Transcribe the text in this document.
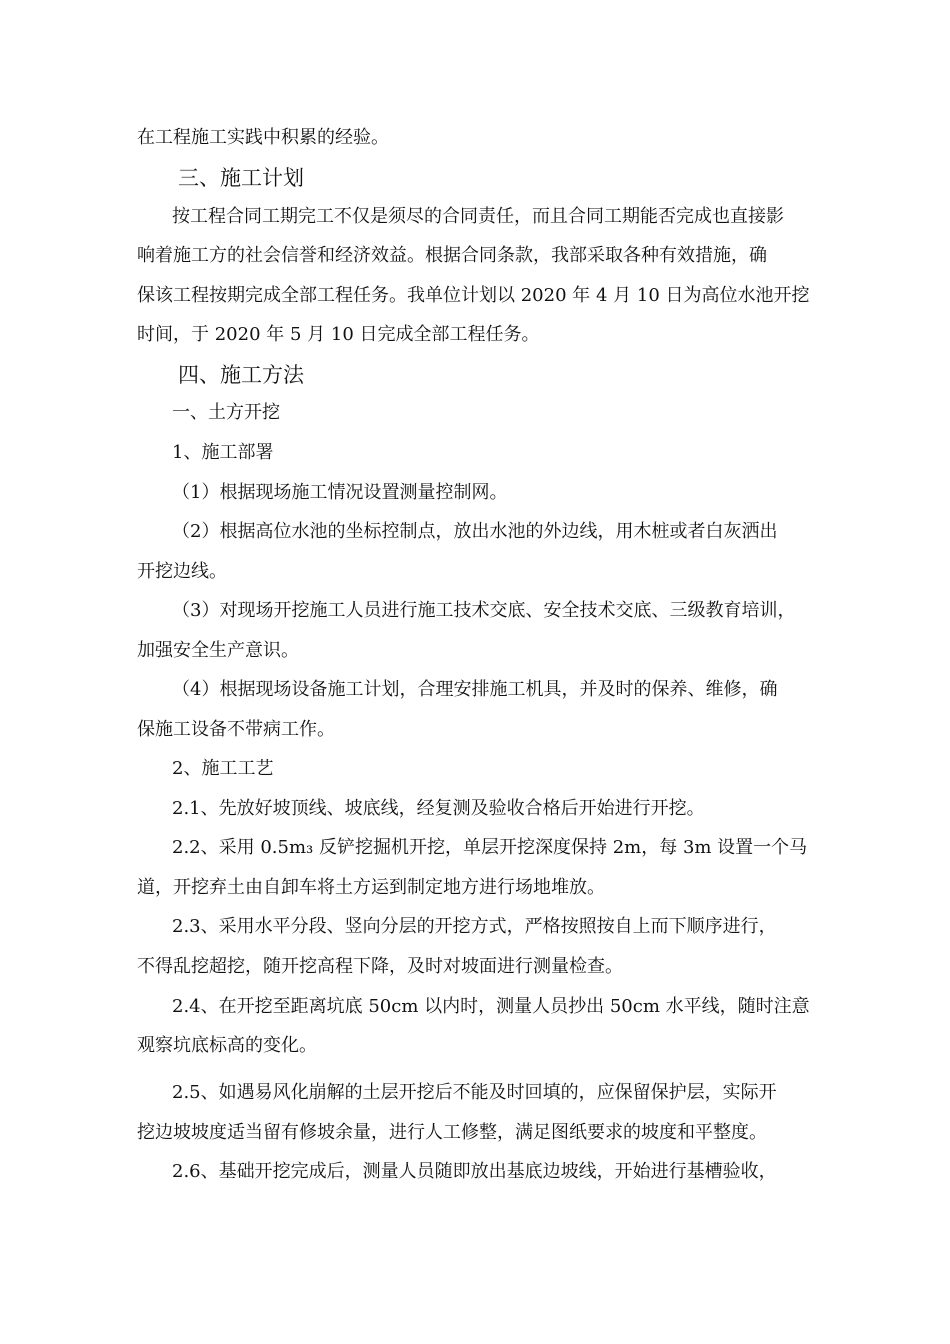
在工程施工实践中积累的经验。
三、施工计划
按工程合同工期完工不仅是须尽的合同责任，而且合同工期能否完成也直接影
响着施工方的社会信誉和经济效益。根据合同条款，我部采取各种有效措施，确
保该工程按期完成全部工程任务。我单位计划以 2020 年 4 月 10 日为高位水池开挖
时间，于 2020 年 5 月 10 日完成全部工程任务。
四、施工方法
一、土方开挖
1、施工部署
（1）根据现场施工情况设置测量控制网。
（2）根据高位水池的坐标控制点，放出水池的外边线，用木桩或者白灰洒出
开挖边线。
（3）对现场开挖施工人员进行施工技术交底、安全技术交底、三级教育培训，
加强安全生产意识。
（4）根据现场设备施工计划，合理安排施工机具，并及时的保养、维修，确
保施工设备不带病工作。
2、施工工艺
2.1、先放好坡顶线、坡底线，经复测及验收合格后开始进行开挖。
2.2、采用 0.5m₃ 反铲挖掘机开挖，单层开挖深度保持 2m，每 3m 设置一个马
道，开挖弃土由自卸车将土方运到制定地方进行场地堆放。
2.3、采用水平分段、竖向分层的开挖方式，严格按照按自上而下顺序进行，
不得乱挖超挖，随开挖高程下降，及时对坡面进行测量检查。
2.4、在开挖至距离坑底 50cm 以内时，测量人员抄出 50cm 水平线，随时注意
观察坑底标高的变化。
2.5、如遇易风化崩解的土层开挖后不能及时回填的，应保留保护层，实际开
挖边坡坡度适当留有修坡余量，进行人工修整，满足图纸要求的坡度和平整度。
2.6、基础开挖完成后，测量人员随即放出基底边坡线，开始进行基槽验收，
